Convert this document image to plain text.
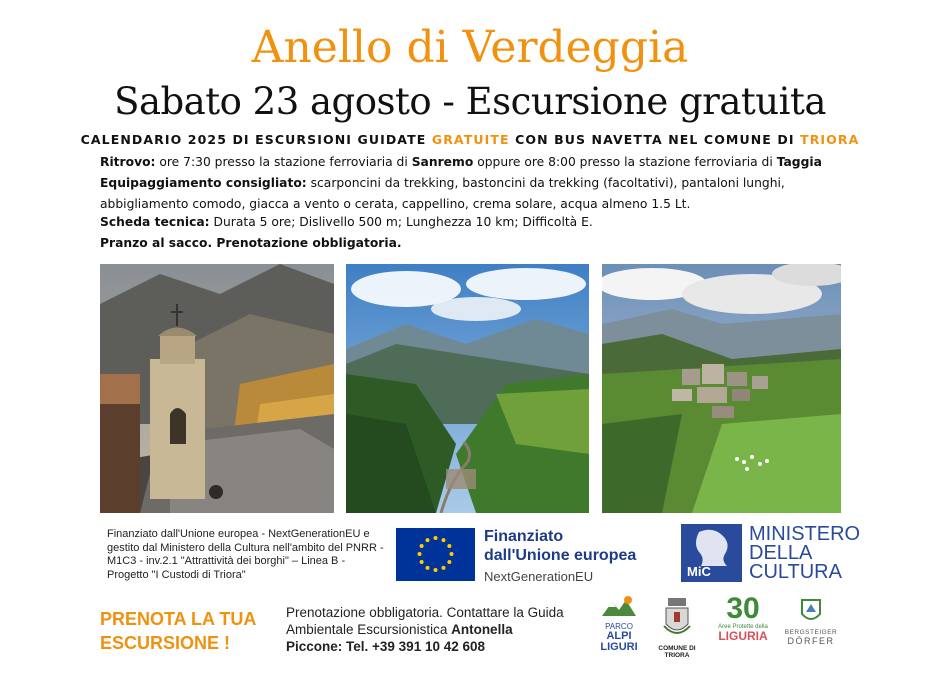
Anello di Verdeggia
Sabato 23 agosto - Escursione gratuita
CALENDARIO 2025 DI ESCURSIONI GUIDATE GRATUITE CON BUS NAVETTA NEL COMUNE DI TRIORA
Ritrovo: ore 7:30 presso la stazione ferroviaria di Sanremo oppure ore 8:00 presso la stazione ferroviaria di Taggia
Equipaggiamento consigliato: scarponcini da trekking, bastoncini da trekking (facoltativi), pantaloni lunghi, abbigliamento comodo, giacca a vento o cerata, cappellino, crema solare, acqua almeno 1.5 Lt.
Scheda tecnica: Durata 5 ore; Dislivello 500 m; Lunghezza 10 km; Difficoltà E.
Pranzo al sacco. Prenotazione obbligatoria.
Finanziato dall'Unione europea - NextGenerationEU e gestito dal Ministero della Cultura nell'ambito del PNRR - M1C3 - inv.2.1 "Attrattività dei borghi" – Linea B - Progetto "I Custodi di Triora"
Finanziato
dall'Unione europea
NextGenerationEU	MiC
MINISTERO
DELLA
CULTURA
PRENOTA LA TUA
ESCURSIONE !
Prenotazione obbligatoria. Contattare la Guida
Ambientale Escursionistica Antonella
Piccone: Tel. +39 391 10 42 608
PARCO
ALPI
LIGURI	COMUNE DI TRIORA
30
Aree Protette della
LIGURIA	BERGSTEIGER
DÖRFER
